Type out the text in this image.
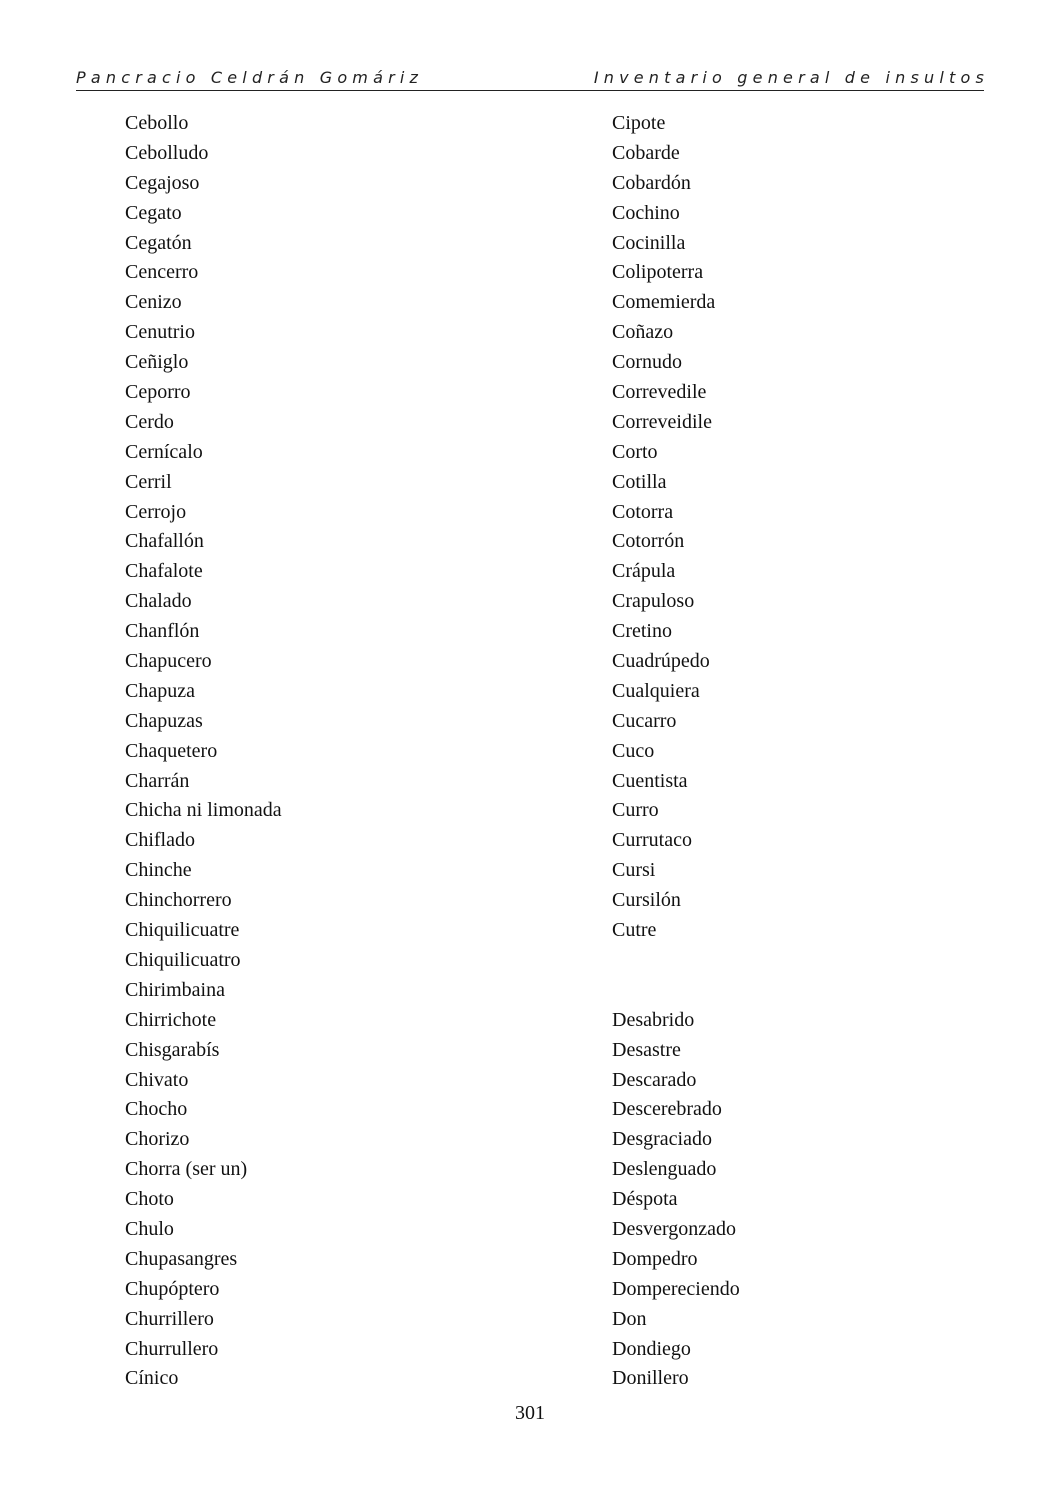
Pancracio Celdrán Gomáriz	Inventario general de insultos
Cebollo
Cebolludo
Cegajoso
Cegato
Cegatón
Cencerro
Cenizo
Cenutrio
Ceñiglo
Ceporro
Cerdo
Cernícalo
Cerril
Cerrojo
Chafallón
Chafalote
Chalado
Chanflón
Chapucero
Chapuza
Chapuzas
Chaquetero
Charrán
Chicha ni limonada
Chiflado
Chinche
Chinchorrero
Chiquilicuatre
Chiquilicuatro
Chirimbaina
Chirrichote
Chisgarabís
Chivato
Chocho
Chorizo
Chorra (ser un)
Choto
Chulo
Chupasangres
Chupóptero
Churrillero
Churrullero
Cínico
Cipote
Cobarde
Cobardón
Cochino
Cocinilla
Colipoterra
Comemierda
Coñazo
Cornudo
Correvedile
Correveidile
Corto
Cotilla
Cotorra
Cotorrón
Crápula
Crapuloso
Cretino
Cuadrúpedo
Cualquiera
Cucarro
Cuco
Cuentista
Curro
Currutaco
Cursi
Cursilón
Cutre
Desabrido
Desastre
Descarado
Descerebrado
Desgraciado
Deslenguado
Déspota
Desvergonzado
Dompedro
Dompereciendo
Don
Dondiego
Donillero
301
